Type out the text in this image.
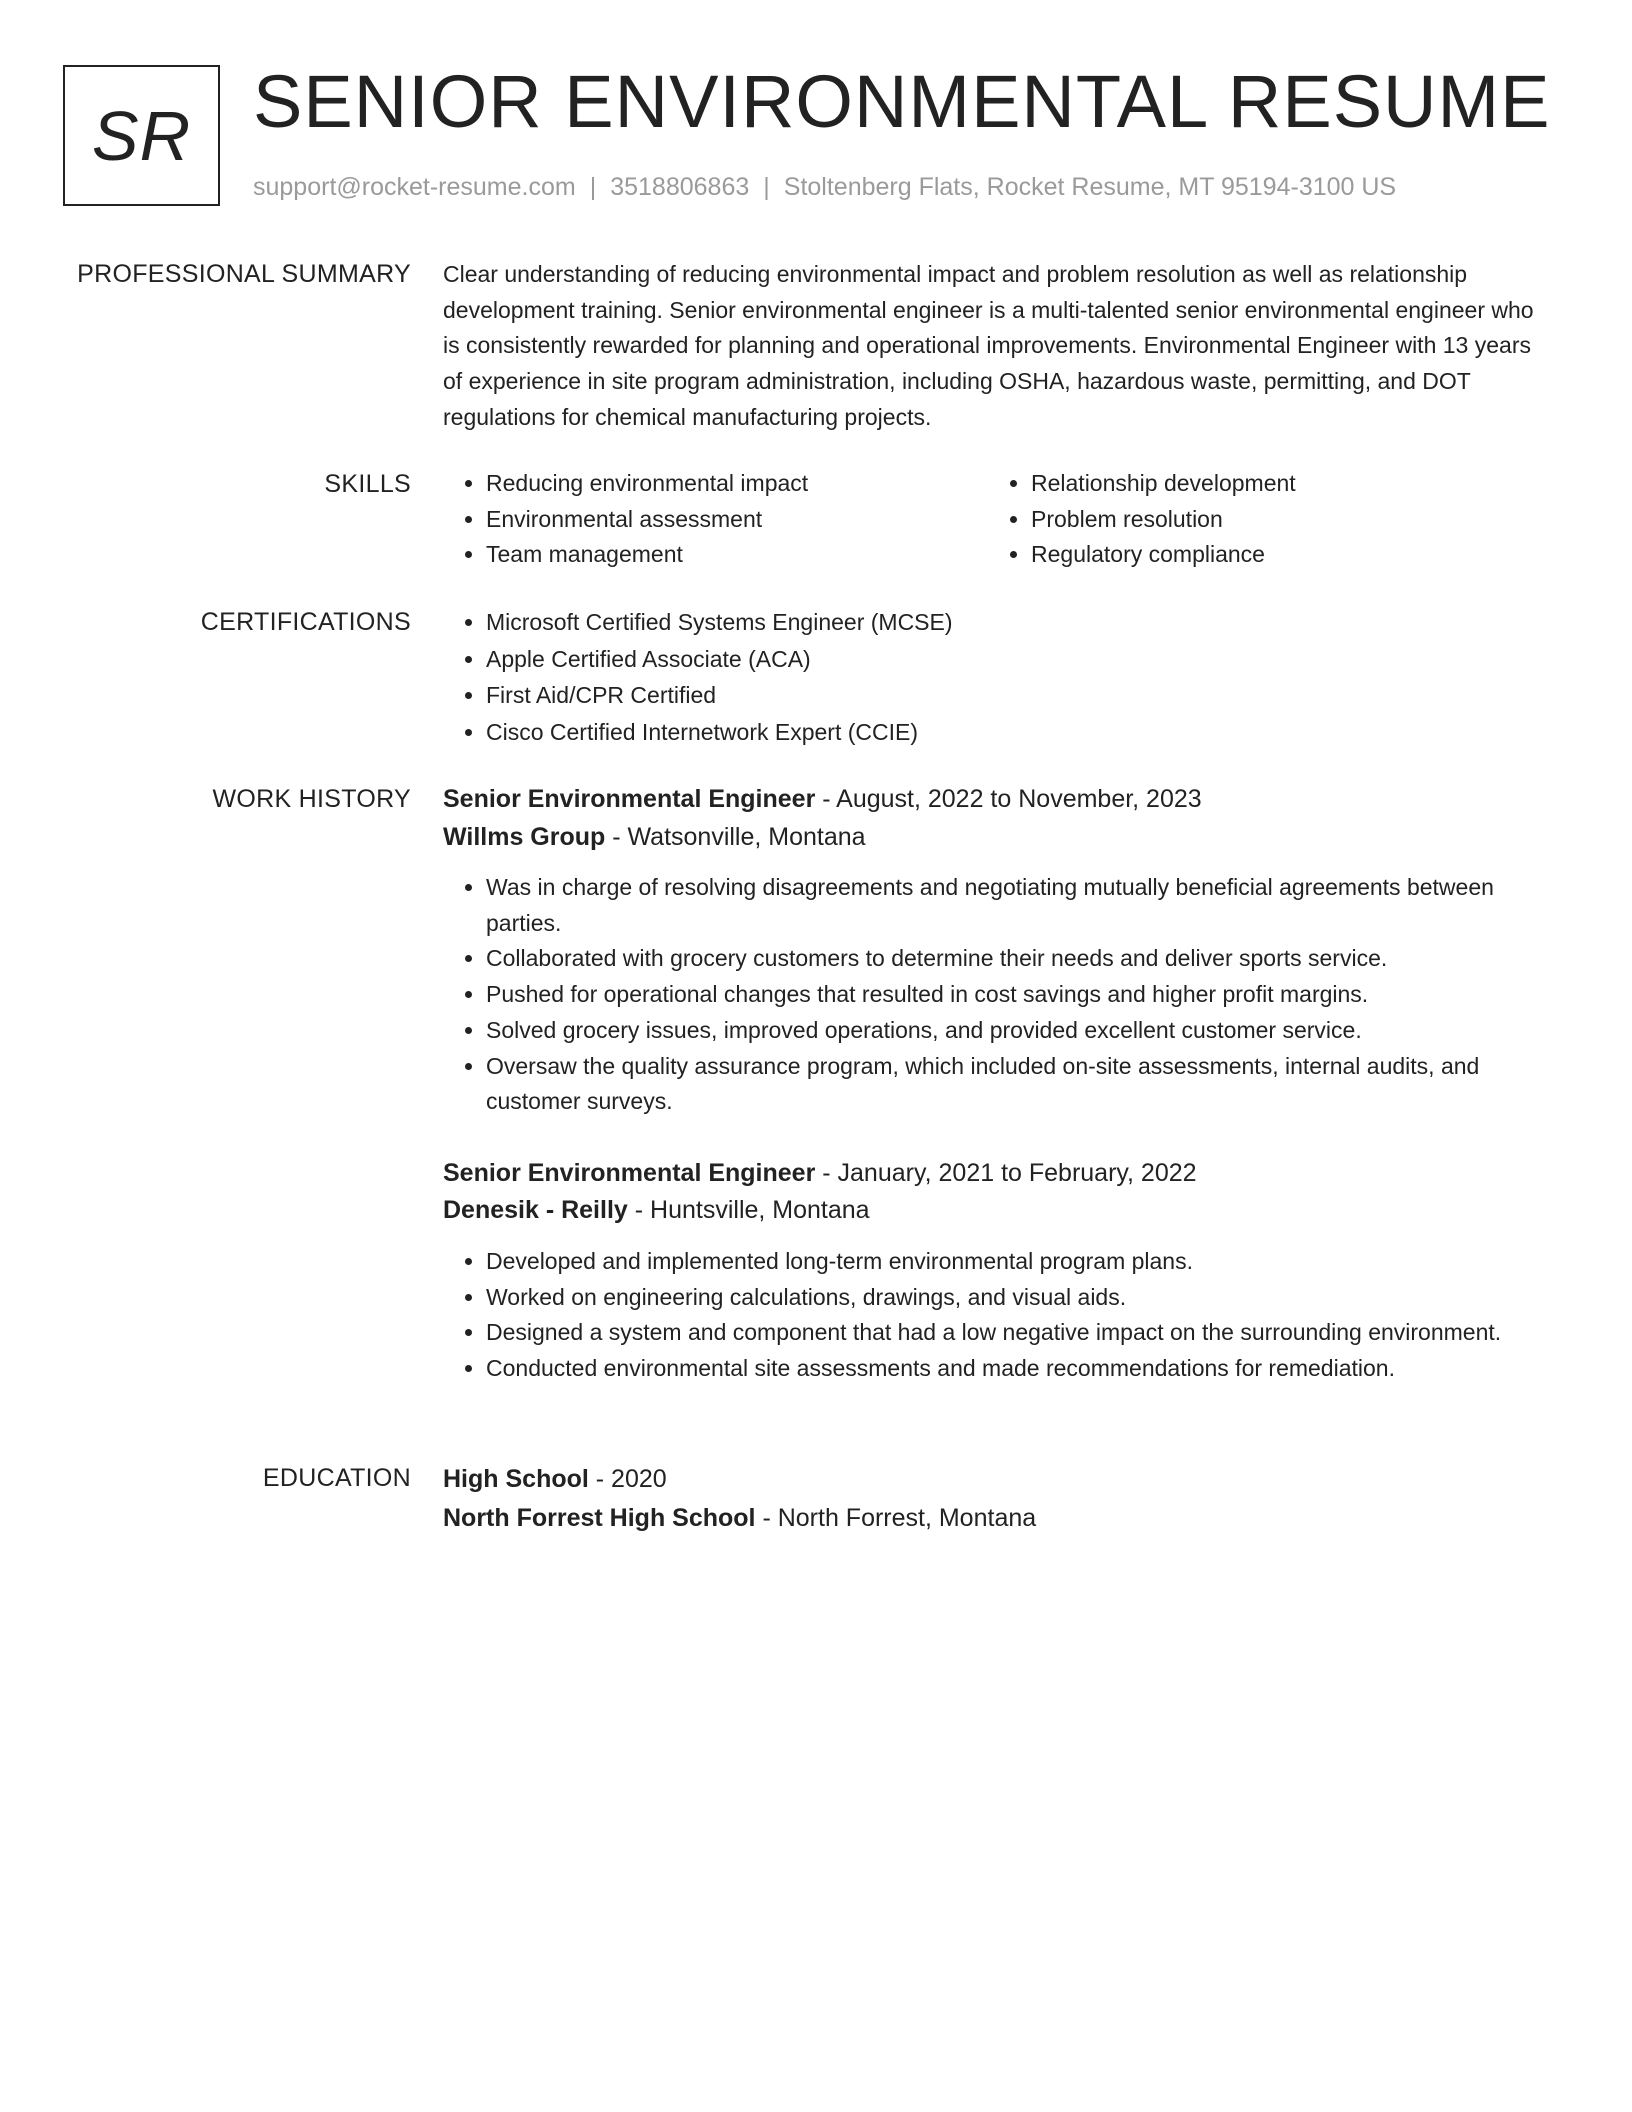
SR SENIOR ENVIRONMENTAL RESUME
support@rocket-resume.com | 3518806863 | Stoltenberg Flats, Rocket Resume, MT 95194-3100 US
PROFESSIONAL SUMMARY Clear understanding of reducing environmental impact and problem resolution as well as relationship development training. Senior environmental engineer is a multi-talented senior environmental engineer who is consistently rewarded for planning and operational improvements. Environmental Engineer with 13 years of experience in site program administration, including OSHA, hazardous waste, permitting, and DOT regulations for chemical manufacturing projects.

SKILLS	• Reducing environmental impact
• Environmental assessment
• Team management
• Relationship development
• Problem resolution
• Regulatory compliance
CERTIFICATIONS	• Microsoft Certified Systems Engineer (MCSE)
• Apple Certified Associate (ACA)
• First Aid/CPR Certified
• Cisco Certified Internetwork Expert (CCIE)
WORK HISTORY Senior Environmental Engineer - August, 2022 to November, 2023
Willms Group - Watsonville, Montana
• Was in charge of resolving disagreements and negotiating mutually beneficial agreements between parties.
• Collaborated with grocery customers to determine their needs and deliver sports service.
• Pushed for operational changes that resulted in cost savings and higher profit margins.
• Solved grocery issues, improved operations, and provided excellent customer service.
• Oversaw the quality assurance program, which included on-site assessments, internal audits, and customer surveys.
Senior Environmental Engineer - January, 2021 to February, 2022
Denesik - Reilly - Huntsville, Montana
• Developed and implemented long-term environmental program plans.
• Worked on engineering calculations, drawings, and visual aids.
• Designed a system and component that had a low negative impact on the surrounding environment.
• Conducted environmental site assessments and made recommendations for remediation.
EDUCATION High School - 2020
North Forrest High School - North Forrest, Montana
